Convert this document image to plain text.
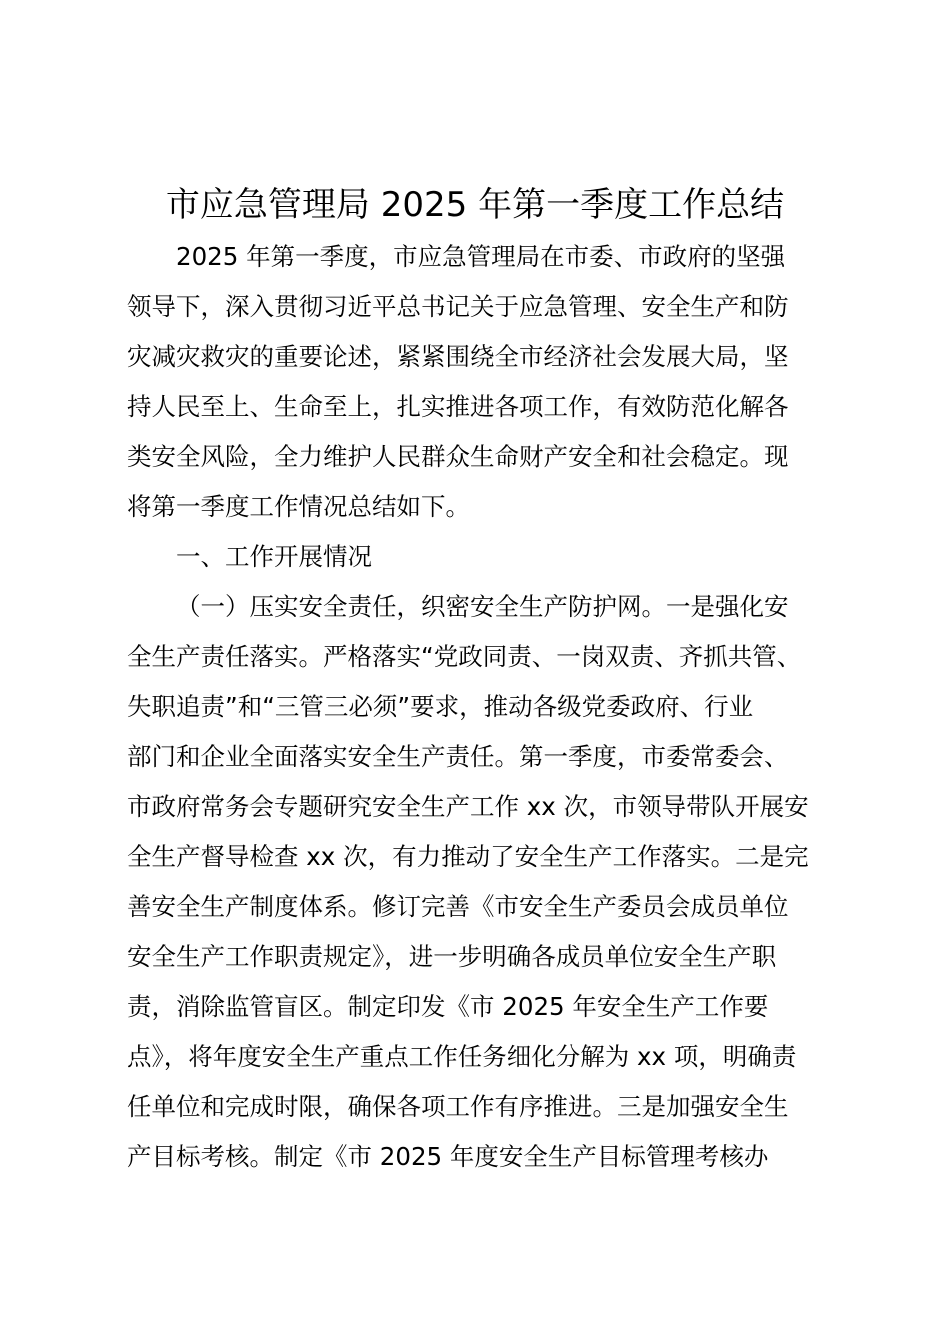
市应急管理局 2025 年第一季度工作总结
2025 年第一季度，市应急管理局在市委、市政府的坚强
领导下，深入贯彻习近平总书记关于应急管理、安全生产和防
灾减灾救灾的重要论述，紧紧围绕全市经济社会发展大局，坚
持人民至上、生命至上，扎实推进各项工作，有效防范化解各
类安全风险，全力维护人民群众生命财产安全和社会稳定。现
将第一季度工作情况总结如下。
一、工作开展情况
（一）压实安全责任，织密安全生产防护网。一是强化安
全生产责任落实。严格落实“党政同责、一岗双责、齐抓共管、
失职追责”和“三管三必须”要求，推动各级党委政府、行业
部门和企业全面落实安全生产责任。第一季度，市委常委会、
市政府常务会专题研究安全生产工作 xx 次，市领导带队开展安
全生产督导检查 xx 次，有力推动了安全生产工作落实。二是完
善安全生产制度体系。修订完善《市安全生产委员会成员单位
安全生产工作职责规定》，进一步明确各成员单位安全生产职
责，消除监管盲区。制定印发《市 2025 年安全生产工作要
点》，将年度安全生产重点工作任务细化分解为 xx 项，明确责
任单位和完成时限，确保各项工作有序推进。三是加强安全生
产目标考核。制定《市 2025 年度安全生产目标管理考核办
